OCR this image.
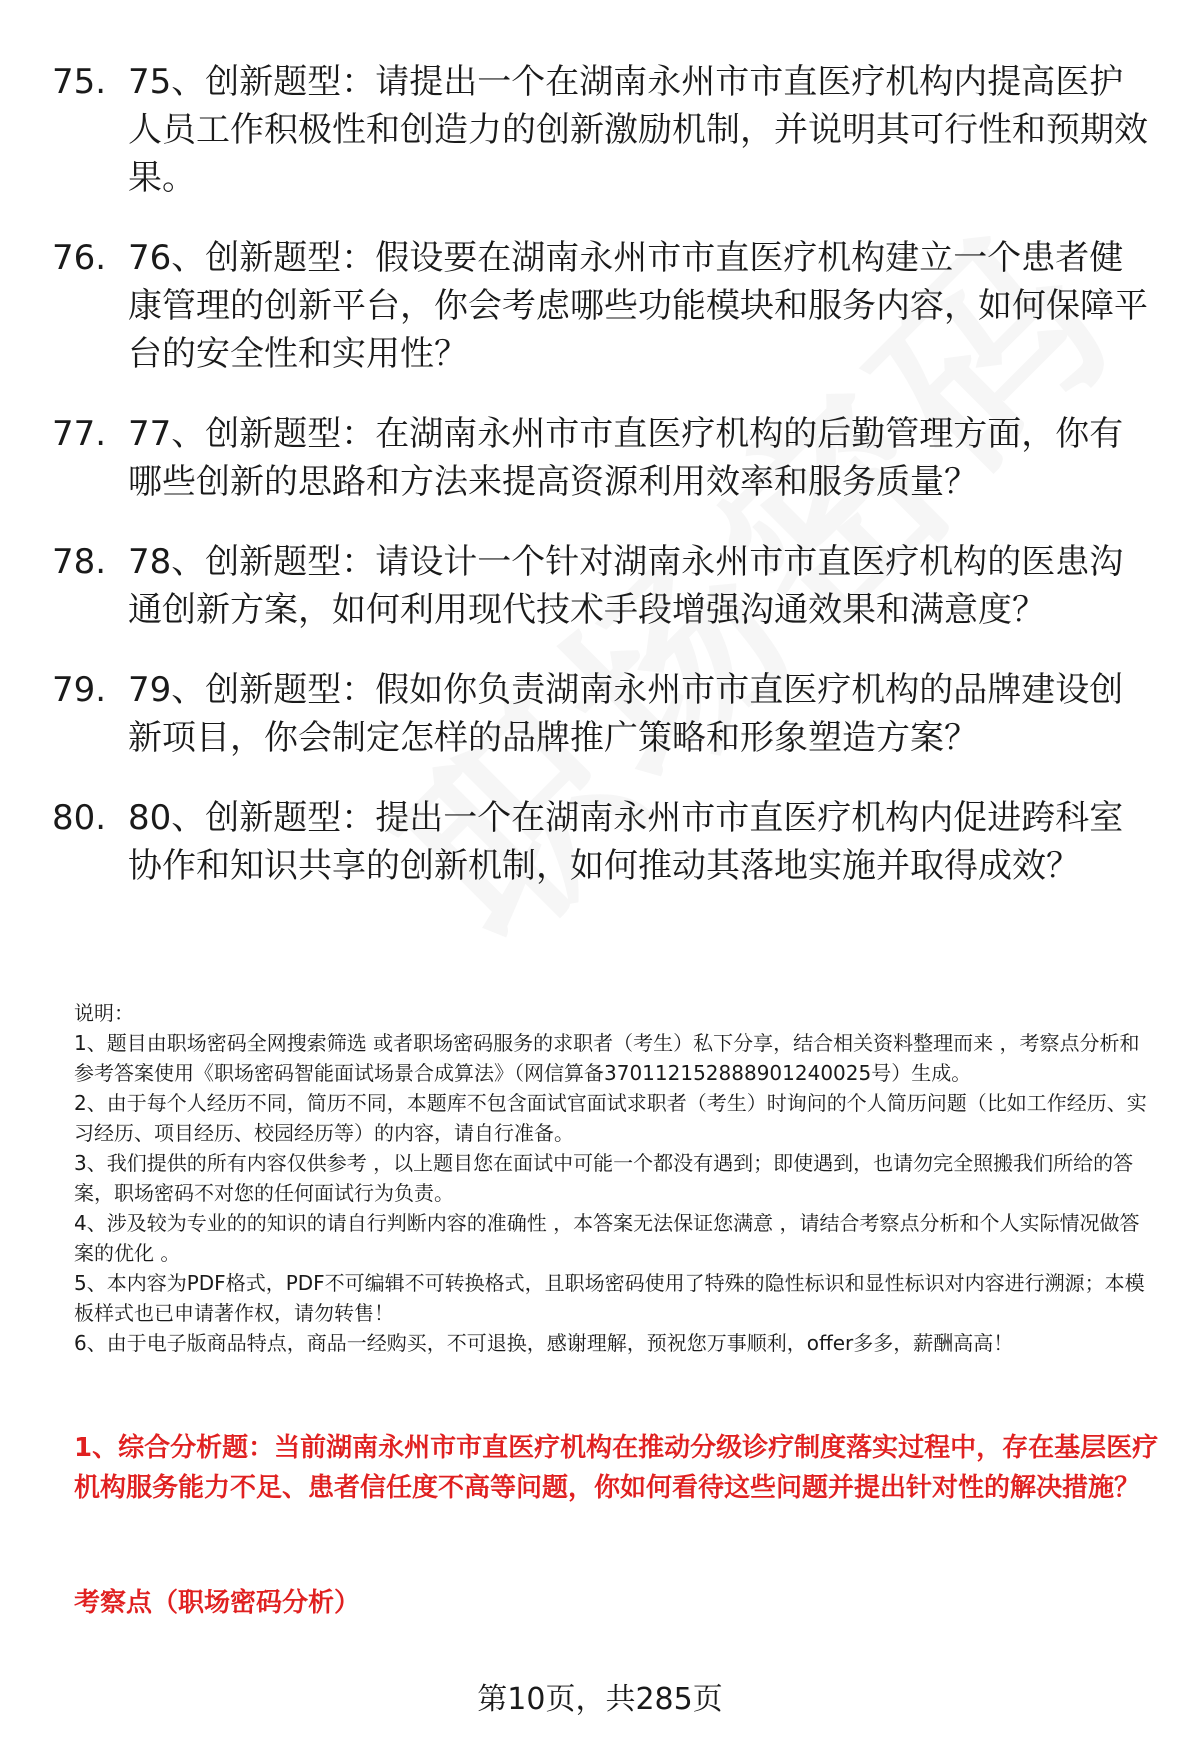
75. 75、创新题型：请提出一个在湖南永州市市直医疗机构内提高医护人员工作积极性和创造力的创新激励机制，并说明其可行性和预期效果。
76. 76、创新题型：假设要在湖南永州市市直医疗机构建立一个患者健康管理的创新平台，你会考虑哪些功能模块和服务内容，如何保障平台的安全性和实用性？
77. 77、创新题型：在湖南永州市市直医疗机构的后勤管理方面，你有哪些创新的思路和方法来提高资源利用效率和服务质量？
78. 78、创新题型：请设计一个针对湖南永州市市直医疗机构的医患沟通创新方案，如何利用现代技术手段增强沟通效果和满意度？
79. 79、创新题型：假如你负责湖南永州市市直医疗机构的品牌建设创新项目，你会制定怎样的品牌推广策略和形象塑造方案？
80. 80、创新题型：提出一个在湖南永州市市直医疗机构内促进跨科室协作和知识共享的创新机制，如何推动其落地实施并取得成效？

说明：

1、题目由职场密码全网搜索筛选 或者职场密码服务的求职者（考生）私下分享，结合相关资料整理而来 ，考察点分析和参考答案使用《职场密码智能面试场景合成算法》（网信算备370112152888901240025号）生成。

2、由于每个人经历不同，简历不同，本题库不包含面试官面试求职者（考生）时询问的个人简历问题（比如工作经历、实习经历、项目经历、校园经历等）的内容，请自行准备。

3、我们提供的所有内容仅供参考 ，以上题目您在面试中可能一个都没有遇到；即使遇到，也请勿完全照搬我们所给的答案，职场密码不对您的任何面试行为负责。

4、涉及较为专业的的知识的请自行判断内容的准确性 ，本答案无法保证您满意 ，请结合考察点分析和个人实际情况做答案的优化 。

5、本内容为PDF格式，PDF不可编辑不可转换格式，且职场密码使用了特殊的隐性标识和显性标识对内容进行溯源；本模板样式也已申请著作权，请勿转售！

6、由于电子版商品特点，商品一经购买，不可退换，感谢理解，预祝您万事顺利，offer多多，薪酬高高！

1、综合分析题：当前湖南永州市市直医疗机构在推动分级诊疗制度落实过程中，存在基层医疗机构服务能力不足、患者信任度不高等问题，你如何看待这些问题并提出针对性的解决措施？
考察点（职场密码分析）
第10页，共285页
